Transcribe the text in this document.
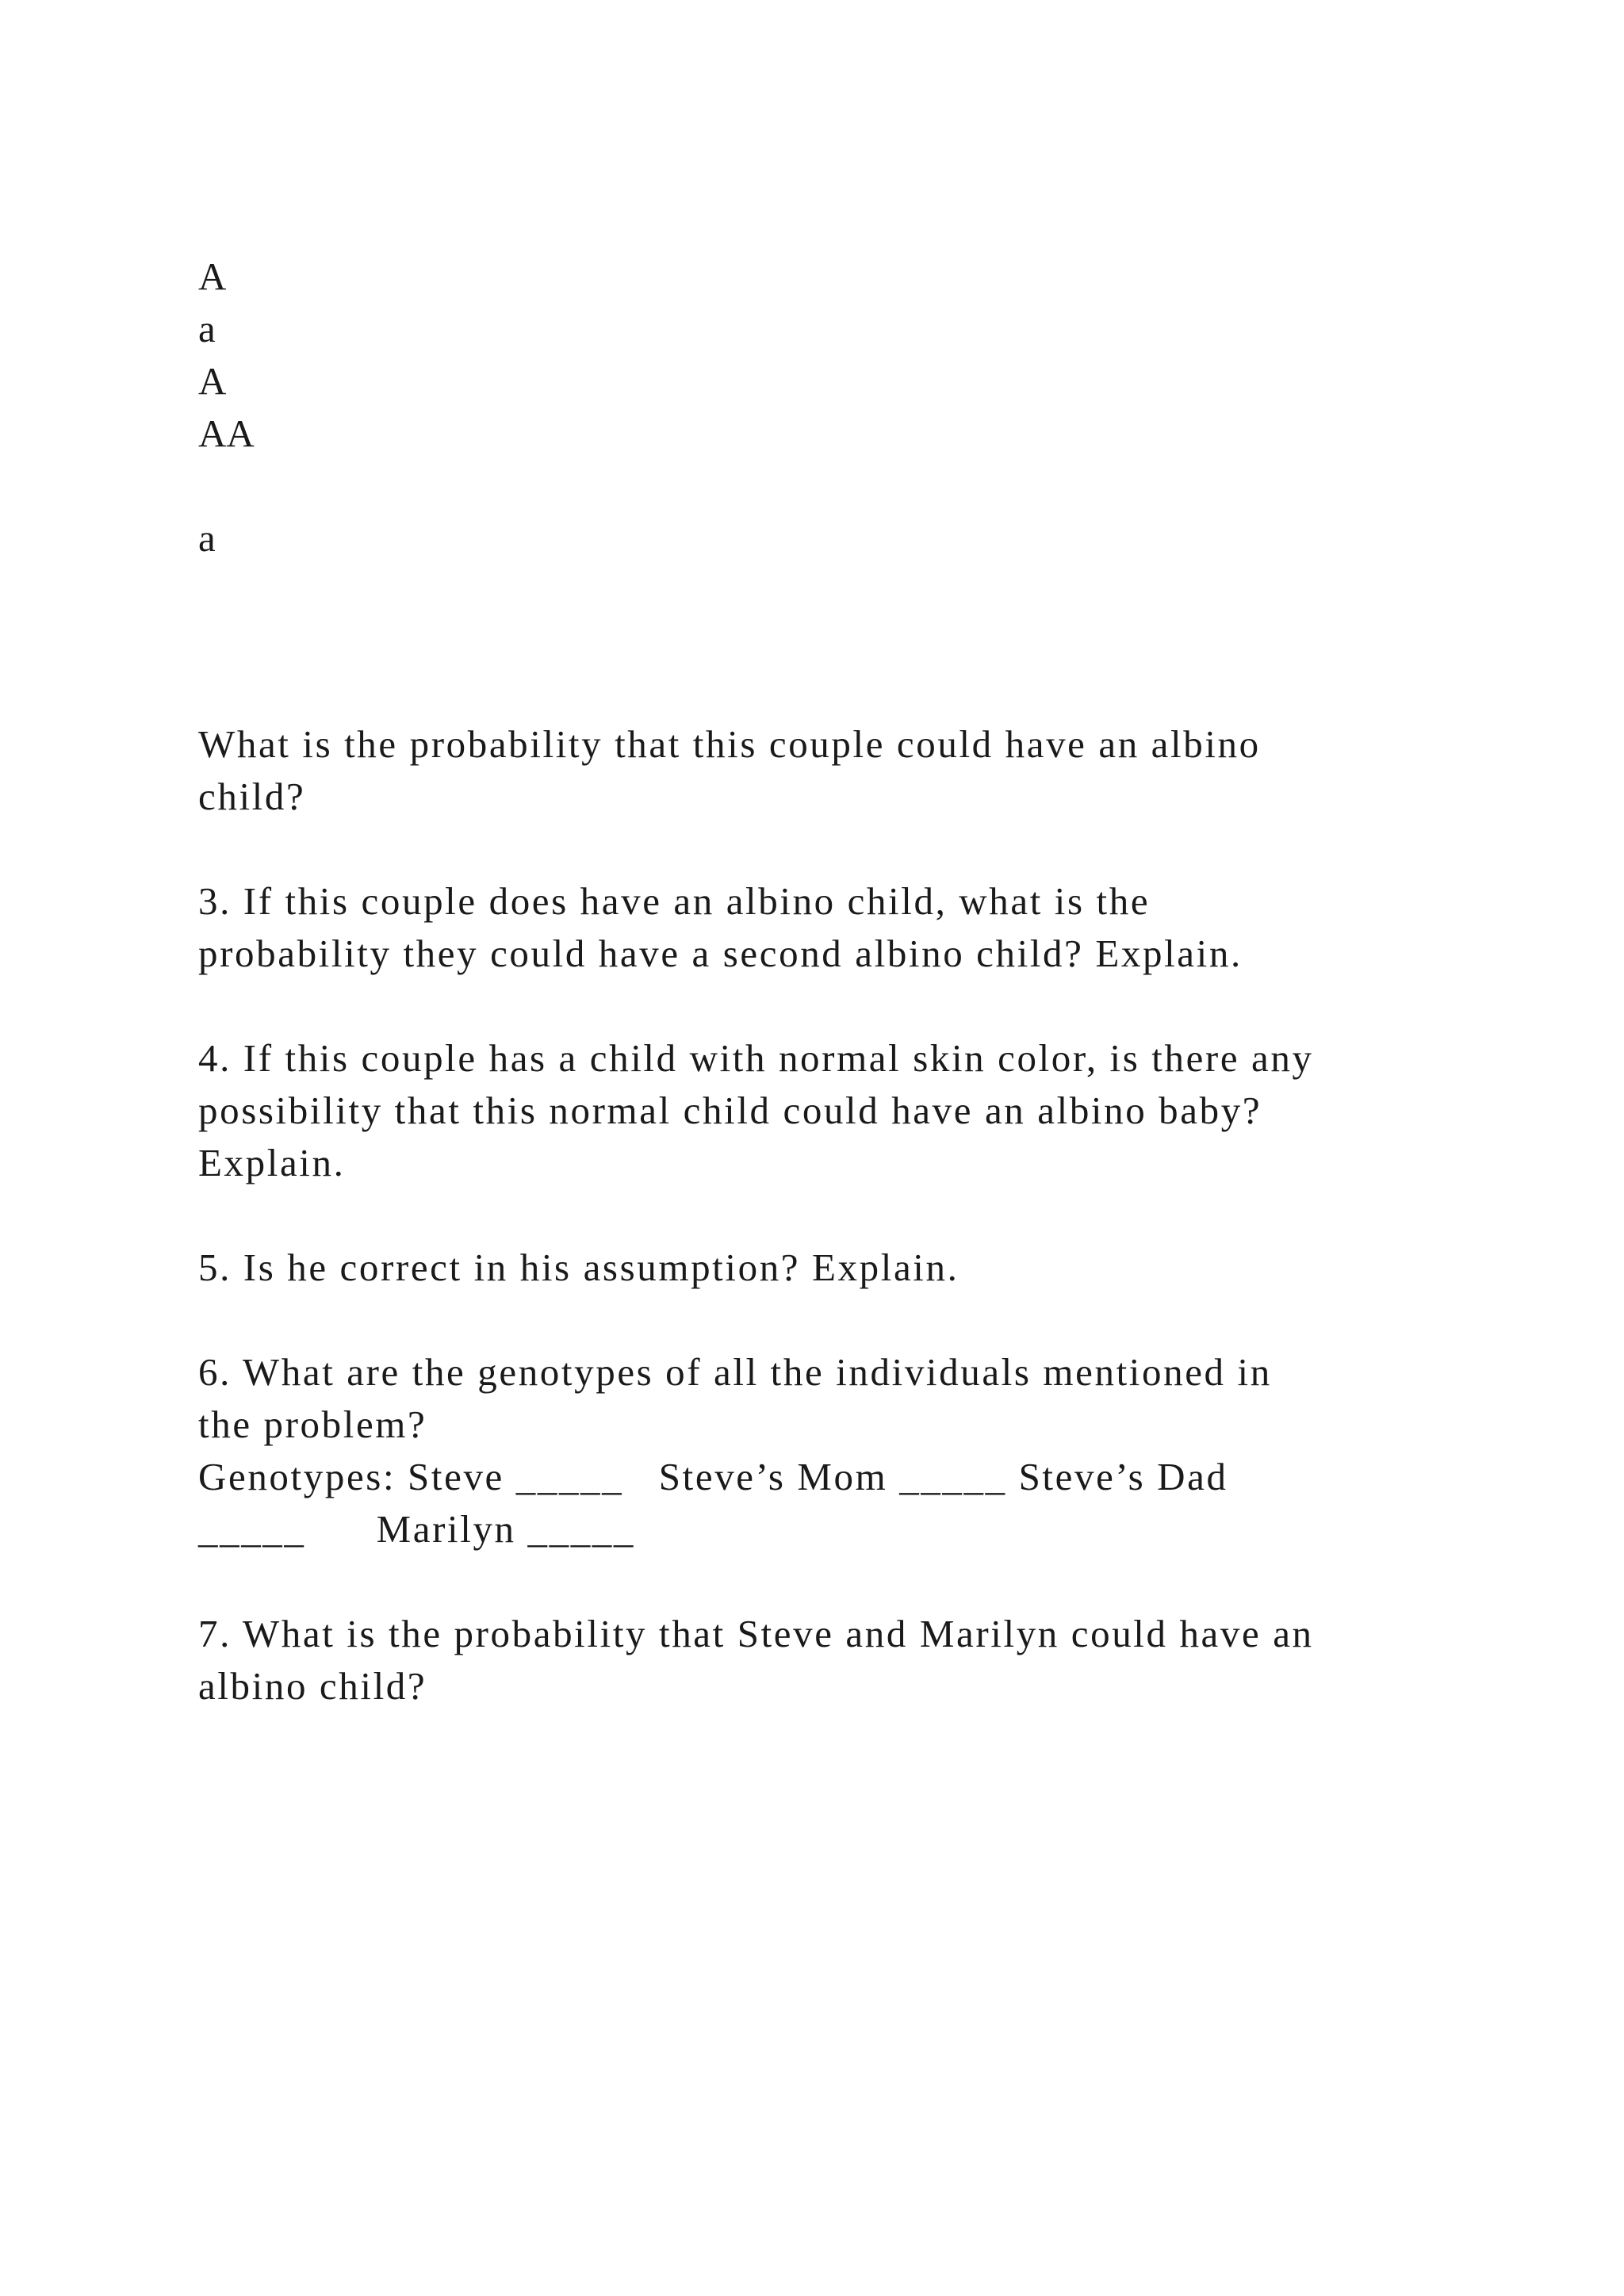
A

a

A

AA

a

What is the probability that this couple could have an albino

child?

3. If this couple does have an albino child, what is the

probability they could have a second albino child? Explain.

4. If this couple has a child with normal skin color, is there any

possibility that this normal child could have an albino baby?

Explain.

5. Is he correct in his assumption? Explain.

6. What are the genotypes of all the individuals mentioned in

the problem?

Genotypes: Steve _____   Steve’s Mom _____ Steve’s Dad

_____      Marilyn _____

7. What is the probability that Steve and Marilyn could have an

albino child?
